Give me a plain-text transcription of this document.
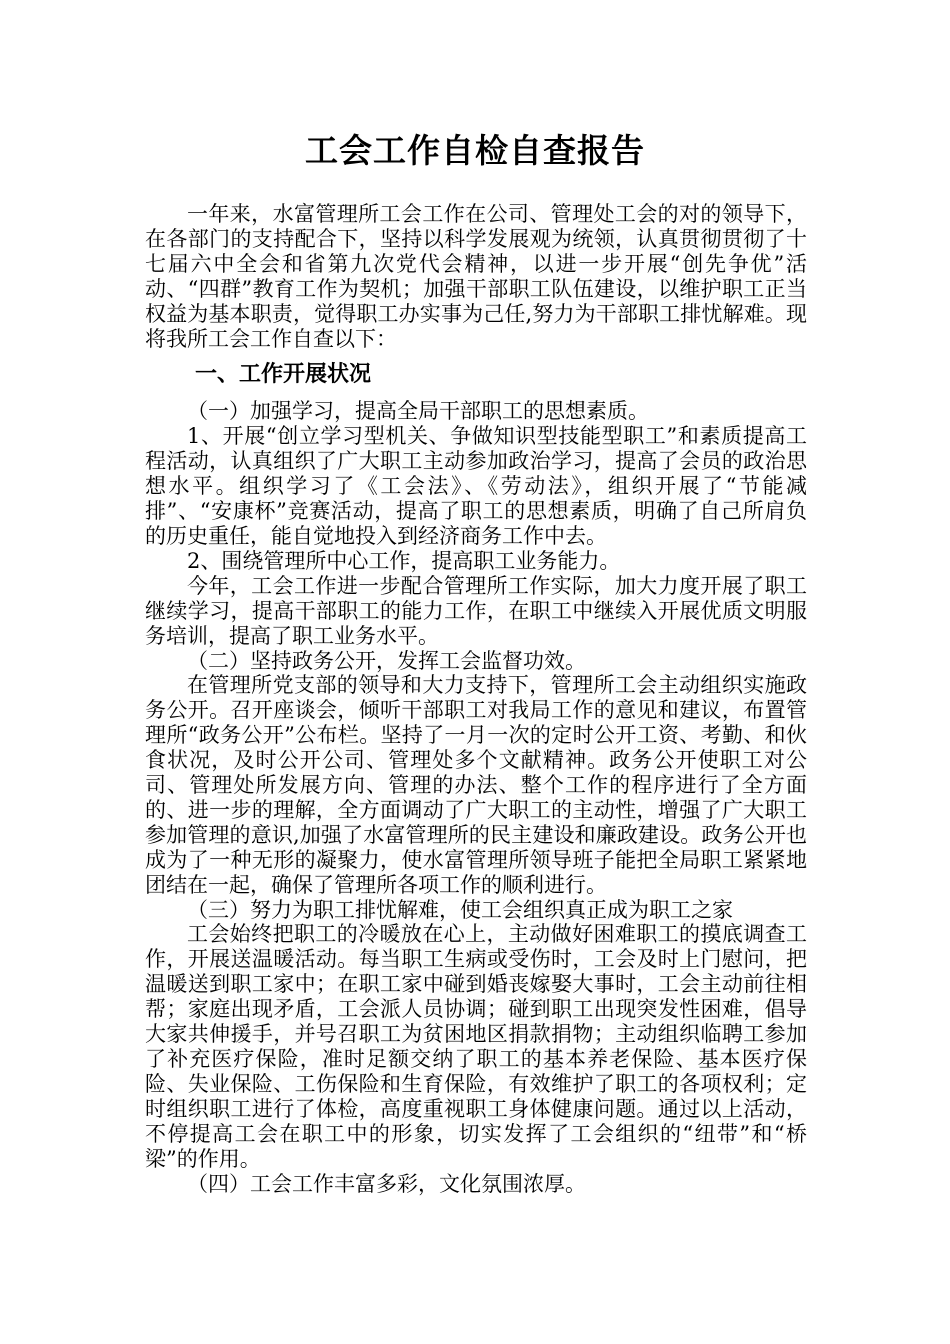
工会工作自检自查报告

一年来，水富管理所工会工作在公司、管理处工会的对的领导下，在各部门的支持配合下，坚持以科学发展观为统领，认真贯彻贯彻了十七届六中全会和省第九次党代会精神，以进一步开展“创先争优”活动、“四群”教育工作为契机；加强干部职工队伍建设，以维护职工正当权益为基本职责，觉得职工办实事为己任,努力为干部职工排忧解难。现将我所工会工作自查以下：

一、工作开展状况

（一）加强学习，提高全局干部职工的思想素质。

1、开展“创立学习型机关、争做知识型技能型职工”和素质提高工程活动，认真组织了广大职工主动参加政治学习，提高了会员的政治思想水平。组织学习了《工会法》、《劳动法》，组织开展了“节能减排”、“安康杯”竞赛活动，提高了职工的思想素质，明确了自己所肩负的历史重任，能自觉地投入到经济商务工作中去。

2、围绕管理所中心工作，提高职工业务能力。

今年，工会工作进一步配合管理所工作实际，加大力度开展了职工继续学习，提高干部职工的能力工作，在职工中继续入开展优质文明服务培训，提高了职工业务水平。

（二）坚持政务公开，发挥工会监督功效。

在管理所党支部的领导和大力支持下，管理所工会主动组织实施政务公开。召开座谈会，倾听干部职工对我局工作的意见和建议，布置管理所“政务公开”公布栏。坚持了一月一次的定时公开工资、考勤、和伙食状况，及时公开公司、管理处多个文献精神。政务公开使职工对公司、管理处所发展方向、管理的办法、整个工作的程序进行了全方面的、进一步的理解，全方面调动了广大职工的主动性，增强了广大职工参加管理的意识,加强了水富管理所的民主建设和廉政建设。政务公开也成为了一种无形的凝聚力，使水富管理所领导班子能把全局职工紧紧地团结在一起，确保了管理所各项工作的顺利进行。

（三）努力为职工排忧解难，使工会组织真正成为职工之家

工会始终把职工的冷暖放在心上，主动做好困难职工的摸底调查工作，开展送温暖活动。每当职工生病或受伤时，工会及时上门慰问，把温暖送到职工家中；在职工家中碰到婚丧嫁娶大事时，工会主动前往相帮；家庭出现矛盾，工会派人员协调；碰到职工出现突发性困难，倡导大家共伸援手，并号召职工为贫困地区捐款捐物；主动组织临聘工参加了补充医疗保险，准时足额交纳了职工的基本养老保险、基本医疗保险、失业保险、工伤保险和生育保险，有效维护了职工的各项权利；定时组织职工进行了体检，高度重视职工身体健康问题。通过以上活动，不停提高工会在职工中的形象，切实发挥了工会组织的“纽带”和“桥梁”的作用。

（四）工会工作丰富多彩，文化氛围浓厚。
